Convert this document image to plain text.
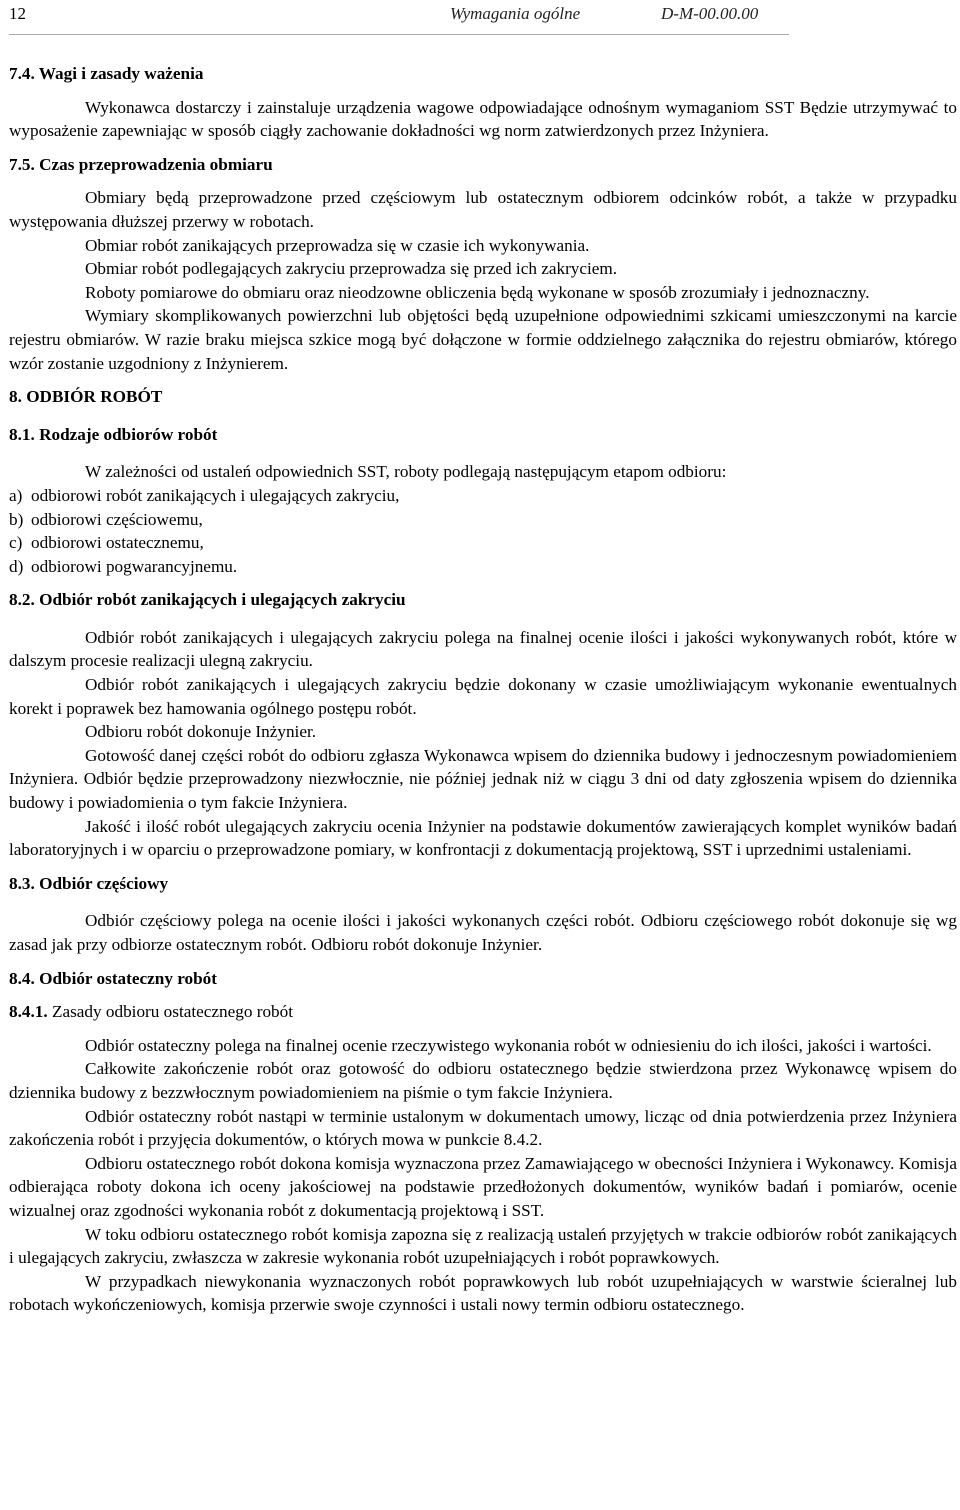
12	Wymagania ogólne	D-M-00.00.00
7.4. Wagi i zasady ważenia

Wykonawca dostarczy i zainstaluje urządzenia wagowe odpowiadające odnośnym wymaganiom SST Będzie utrzymywać to wyposażenie zapewniając w sposób ciągły zachowanie dokładności wg norm zatwierdzonych przez Inżyniera.

7.5. Czas przeprowadzenia obmiaru

Obmiary będą przeprowadzone przed częściowym lub ostatecznym odbiorem odcinków robót, a także w przypadku występowania dłuższej przerwy w robotach.

Obmiar robót zanikających przeprowadza się w czasie ich wykonywania.

Obmiar robót podlegających zakryciu przeprowadza się przed ich zakryciem.

Roboty pomiarowe do obmiaru oraz nieodzowne obliczenia będą wykonane w sposób zrozumiały i jednoznaczny.

Wymiary skomplikowanych powierzchni lub objętości będą uzupełnione odpowiednimi szkicami umieszczonymi na karcie rejestru obmiarów. W razie braku miejsca szkice mogą być dołączone w formie oddzielnego załącznika do rejestru obmiarów, którego wzór zostanie uzgodniony z Inżynierem.

8. ODBIÓR ROBÓT
8.1. Rodzaje odbiorów robót

W zależności od ustaleń odpowiednich SST, roboty podlegają następującym etapom odbioru:

a) odbiorowi robót zanikających i ulegających zakryciu,

b) odbiorowi częściowemu,

c) odbiorowi ostatecznemu,

d) odbiorowi pogwarancyjnemu.

8.2. Odbiór robót zanikających i ulegających zakryciu

Odbiór robót zanikających i ulegających zakryciu polega na finalnej ocenie ilości i jakości wykonywanych robót, które w dalszym procesie realizacji ulegną zakryciu.

Odbiór robót zanikających i ulegających zakryciu będzie dokonany w czasie umożliwiającym wykonanie ewentualnych korekt i poprawek bez hamowania ogólnego postępu robót.

Odbioru robót dokonuje Inżynier.

Gotowość danej części robót do odbioru zgłasza Wykonawca wpisem do dziennika budowy i jednoczesnym powiadomieniem Inżyniera. Odbiór będzie przeprowadzony niezwłocznie, nie później jednak niż w ciągu 3 dni od daty zgłoszenia wpisem do dziennika budowy i powiadomienia o tym fakcie Inżyniera.

Jakość i ilość robót ulegających zakryciu ocenia Inżynier na podstawie dokumentów zawierających komplet wyników badań laboratoryjnych i w oparciu o przeprowadzone pomiary, w konfrontacji z dokumentacją projektową, SST i uprzednimi ustaleniami.

8.3. Odbiór częściowy

Odbiór częściowy polega na ocenie ilości i jakości wykonanych części robót. Odbioru częściowego robót dokonuje się wg zasad jak przy odbiorze ostatecznym robót. Odbioru robót dokonuje Inżynier.

8.4. Odbiór ostateczny robót
8.4.1. Zasady odbioru ostatecznego robót

Odbiór ostateczny polega na finalnej ocenie rzeczywistego wykonania robót w odniesieniu do ich ilości, jakości i wartości.

Całkowite zakończenie robót oraz gotowość do odbioru ostatecznego będzie stwierdzona przez Wykonawcę wpisem do dziennika budowy z bezzwłocznym powiadomieniem na piśmie o tym fakcie Inżyniera.

Odbiór ostateczny robót nastąpi w terminie ustalonym w dokumentach umowy, licząc od dnia potwierdzenia przez Inżyniera zakończenia robót i przyjęcia dokumentów, o których mowa w punkcie 8.4.2.

Odbioru ostatecznego robót dokona komisja wyznaczona przez Zamawiającego w obecności Inżyniera i Wykonawcy. Komisja odbierająca roboty dokona ich oceny jakościowej na podstawie przedłożonych dokumentów, wyników badań i pomiarów, ocenie wizualnej oraz zgodności wykonania robót z dokumentacją projektową i SST.

W toku odbioru ostatecznego robót komisja zapozna się z realizacją ustaleń przyjętych w trakcie odbiorów robót zanikających i ulegających zakryciu, zwłaszcza w zakresie wykonania robót uzupełniających i robót poprawkowych.

W przypadkach niewykonania wyznaczonych robót poprawkowych lub robót uzupełniających w warstwie ścieralnej lub robotach wykończeniowych, komisja przerwie swoje czynności i ustali nowy termin odbioru ostatecznego.
